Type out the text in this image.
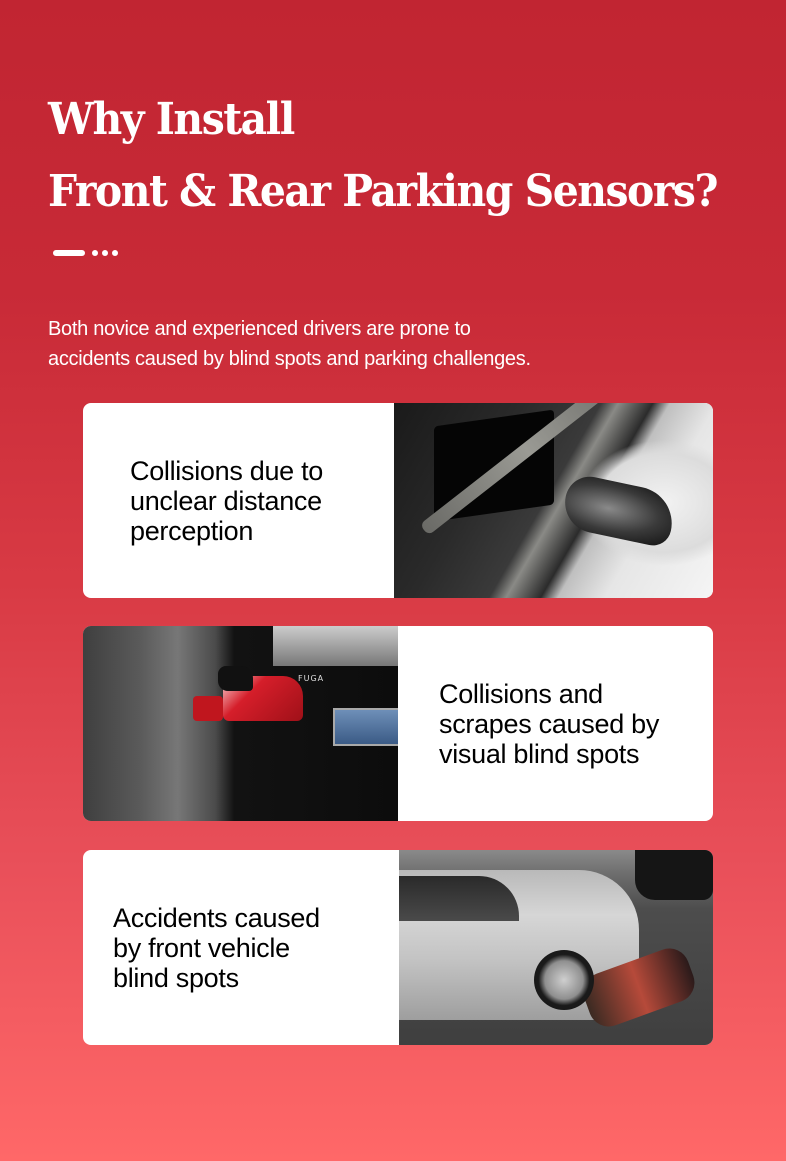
Why Install
Front & Rear Parking Sensors?

Both novice and experienced drivers are prone to
accidents caused by blind spots and parking challenges.

Collisions due to
unclear distance
perception
FUGA	Collisions and
scrapes caused by
visual blind spots
Accidents caused
by front vehicle
blind spots
